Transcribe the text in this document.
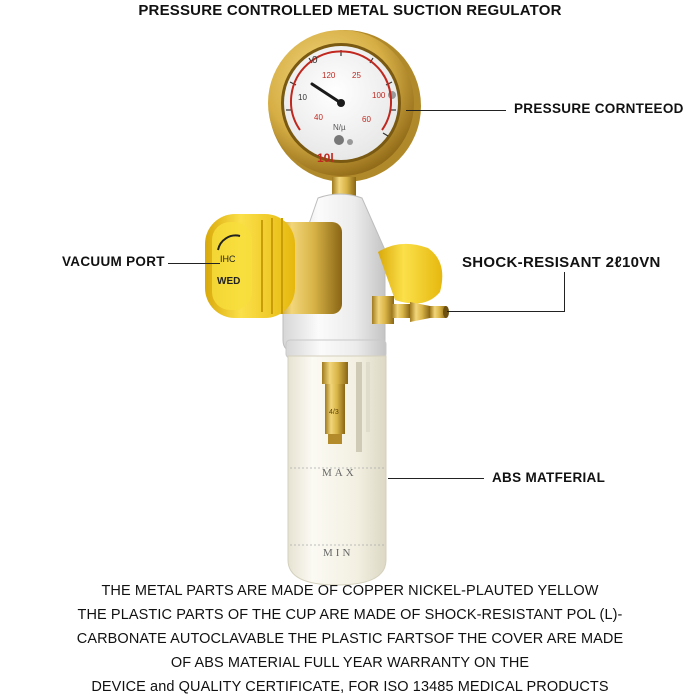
PRESSURE CONTROLLED METAL SUCTION REGULATOR
0
120 25
10	100
40	60
10l
N/µ
IHC
WED
MAX
MIN
4/3
PRESSURE CORNTEEOD
VACUUM PORT	SHOCK-RESISANT 2ℓ10VN
ABS MATFERIAL
THE METAL PARTS ARE MADE OF COPPER NICKEL-PLAUTED YELLOW
THE PLASTIC PARTS OF THE CUP ARE MADE OF SHOCK-RESISTANT POL (L)-
CARBONATE AUTOCLAVABLE THE PLASTIC FARTSOF THE COVER ARE MADE
OF ABS MATERIAL FULL YEAR WARRANTY ON THE
DEVICE and QUALITY CERTIFICATE, FOR ISO 13485 MEDICAL PRODUCTS
